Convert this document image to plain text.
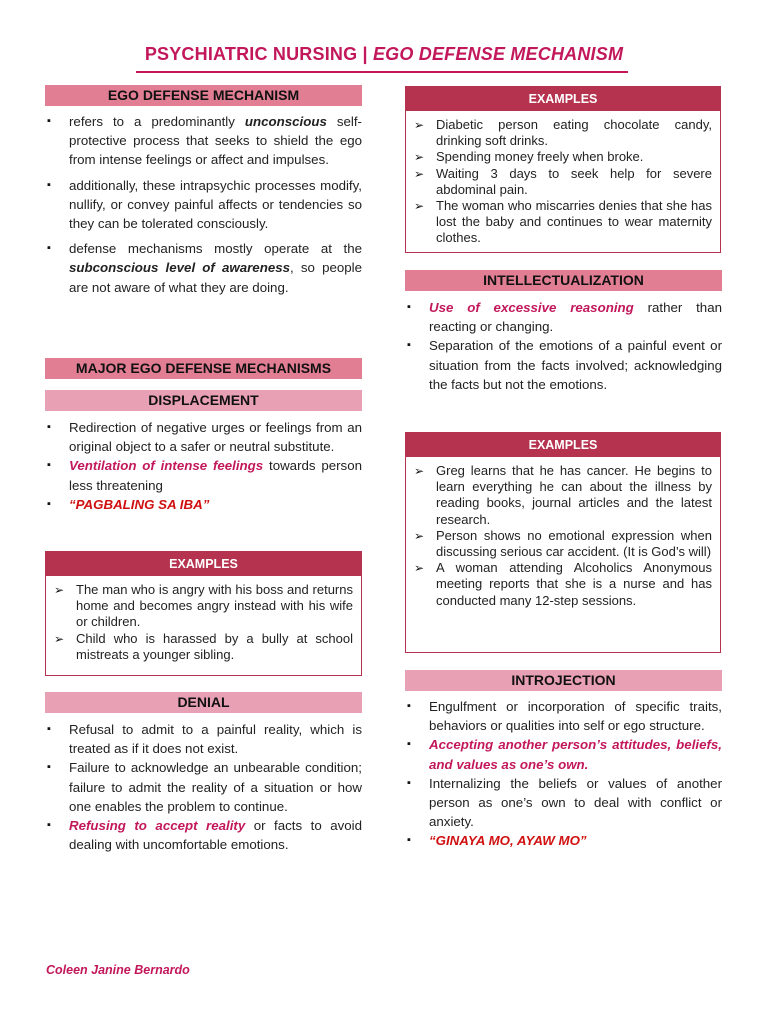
PSYCHIATRIC NURSING | EGO DEFENSE MECHANISM
EGO DEFENSE MECHANISM
▪ refers to a predominantly unconscious self-protective process that seeks to shield the ego from intense feelings or affect and impulses.
▪ additionally, these intrapsychic processes modify, nullify, or convey painful affects or tendencies so they can be tolerated consciously.
▪ defense mechanisms mostly operate at the subconscious level of awareness, so people are not aware of what they are doing.
MAJOR EGO DEFENSE MECHANISMS
DISPLACEMENT
▪ Redirection of negative urges or feelings from an original object to a safer or neutral substitute.
▪ Ventilation of intense feelings towards person less threatening
▪ “PAGBALING SA IBA”
EXAMPLES
➢ The man who is angry with his boss and returns home and becomes angry instead with his wife or children.
➢ Child who is harassed by a bully at school mistreats a younger sibling.
DENIAL
▪ Refusal to admit to a painful reality, which is treated as if it does not exist.
▪ Failure to acknowledge an unbearable condition; failure to admit the reality of a situation or how one enables the problem to continue.
▪ Refusing to accept reality or facts to avoid dealing with uncomfortable emotions.
EXAMPLES
➢ Diabetic person eating chocolate candy, drinking soft drinks.
➢ Spending money freely when broke.
➢ Waiting 3 days to seek help for severe abdominal pain.
➢ The woman who miscarries denies that she has lost the baby and continues to wear maternity clothes.
INTELLECTUALIZATION
▪ Use of excessive reasoning rather than reacting or changing.
▪ Separation of the emotions of a painful event or situation from the facts involved; acknowledging the facts but not the emotions.
EXAMPLES
➢ Greg learns that he has cancer. He begins to learn everything he can about the illness by reading books, journal articles and the latest research.
➢ Person shows no emotional expression when discussing serious car accident. (It is God’s will)
➢ A woman attending Alcoholics Anonymous meeting reports that she is a nurse and has conducted many 12-step sessions.
INTROJECTION
▪ Engulfment or incorporation of specific traits, behaviors or qualities into self or ego structure.
▪ Accepting another person’s attitudes, beliefs, and values as one’s own.
▪ Internalizing the beliefs or values of another person as one’s own to deal with conflict or anxiety.
▪ “GINAYA MO, AYAW MO”
Coleen Janine Bernardo
